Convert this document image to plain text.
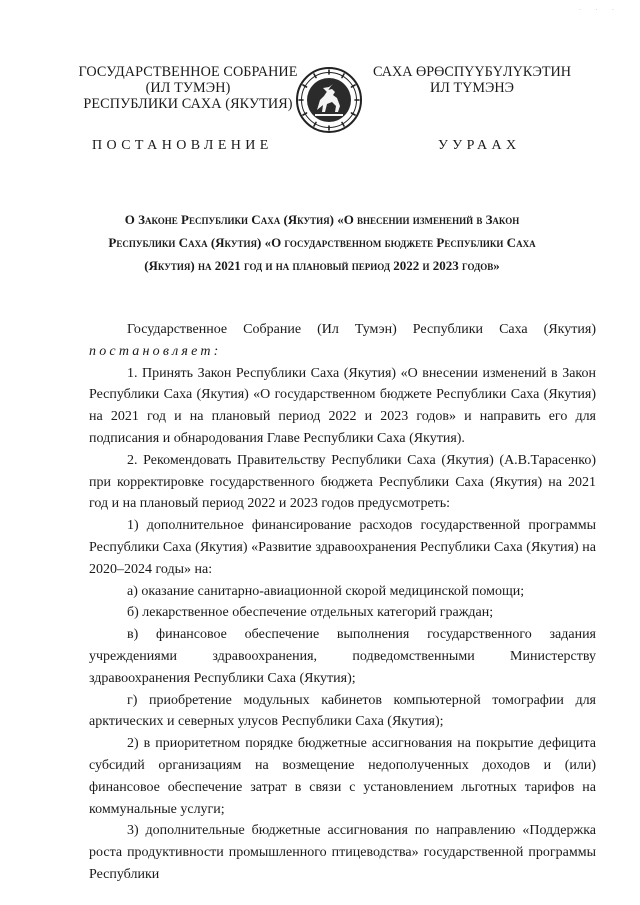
· · ·
ГОСУДАРСТВЕННОЕ СОБРАНИЕ
(ИЛ ТУМЭН)
РЕСПУБЛИКИ САХА (ЯКУТИЯ)
САХА ӨРӨСПҮҮБҮЛҮКЭТИН
ИЛ ТҮМЭНЭ
ПОСТАНОВЛЕНИЕ	УУРААХ
О Законе Республики Саха (Якутия) «О внесении изменений в Закон
Республики Саха (Якутия) «О государственном бюджете Республики Саха
(Якутия) на 2021 год и на плановый период 2022 и 2023 годов»

Государственное Собрание (Ил Тумэн) Республики Саха (Якутия)

постановляет:

1. Принять Закон Республики Саха (Якутия) «О внесении изменений в Закон Республики Саха (Якутия) «О государственном бюджете Республики Саха (Якутия) на 2021 год и на плановый период 2022 и 2023 годов» и направить его для подписания и обнародования Главе Республики Саха (Якутия).

2. Рекомендовать Правительству Республики Саха (Якутия) (А.В.Тарасенко) при корректировке государственного бюджета Республики Саха (Якутия) на 2021 год и на плановый период 2022 и 2023 годов предусмотреть:

1) дополнительное финансирование расходов государственной программы Республики Саха (Якутия) «Развитие здравоохранения Республики Саха (Якутия) на 2020–2024 годы» на:

а) оказание санитарно-авиационной скорой медицинской помощи;

б) лекарственное обеспечение отдельных категорий граждан;

в) финансовое обеспечение выполнения государственного задания учреждениями здравоохранения, подведомственными Министерству здравоохранения Республики Саха (Якутия);

г) приобретение модульных кабинетов компьютерной томографии для арктических и северных улусов Республики Саха (Якутия);

2) в приоритетном порядке бюджетные ассигнования на покрытие дефицита субсидий организациям на возмещение недополученных доходов и (или) финансовое обеспечение затрат в связи с установлением льготных тарифов на коммунальные услуги;

3) дополнительные бюджетные ассигнования по направлению «Поддержка роста продуктивности промышленного птицеводства» государственной программы Республики
